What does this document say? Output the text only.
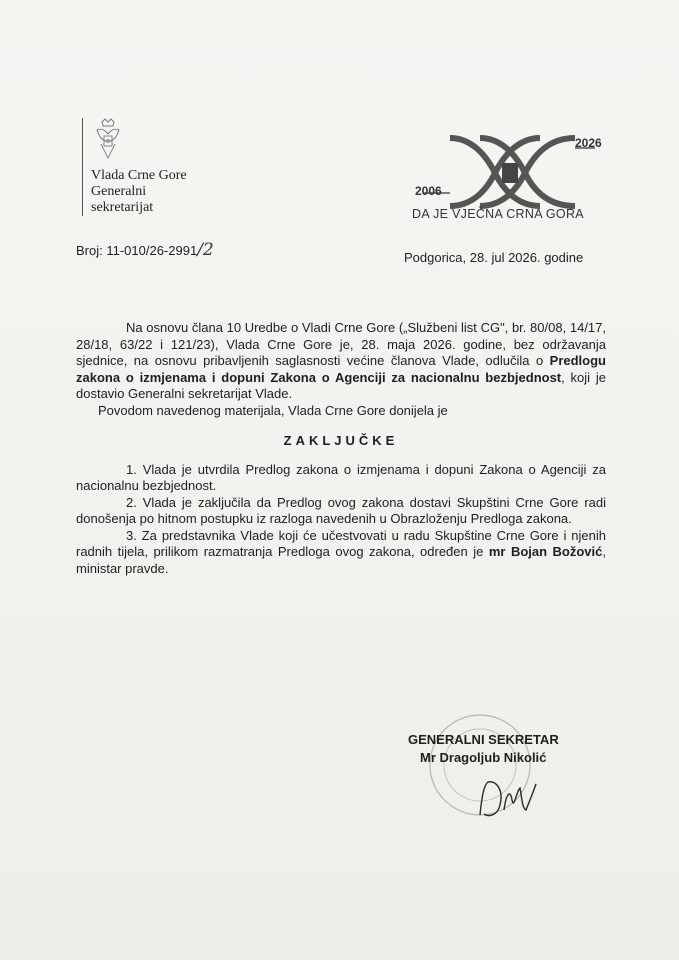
Vlada Crne Gore
Generalni
sekretarijat
2026
2006
DA JE VJEČNA CRNA GORA
Broj: 11-010/26-2991/2	Podgorica, 28. jul 2026. godine

Na osnovu člana 10 Uredbe o Vladi Crne Gore („Službeni list CG", br. 80/08, 14/17, 28/18, 63/22 i 121/23), Vlada Crne Gore je, 28. maja 2026. godine, bez održavanja sjednice, na osnovu pribavljenih saglasnosti većine članova Vlade, odlučila o Predlogu zakona o izmjenama i dopuni Zakona o Agenciji za nacionalnu bezbjednost, koji je dostavio Generalni sekretarijat Vlade.

Povodom navedenog materijala, Vlada Crne Gore donijela je

ZAKLJUČKE

1. Vlada je utvrdila Predlog zakona o izmjenama i dopuni Zakona o Agenciji za nacionalnu bezbjednost.

2. Vlada je zaključila da Predlog ovog zakona dostavi Skupštini Crne Gore radi donošenja po hitnom postupku iz razloga navedenih u Obrazloženju Predloga zakona.

3. Za predstavnika Vlade koji će učestvovati u radu Skupštine Crne Gore i njenih radnih tijela, prilikom razmatranja Predloga ovog zakona, određen je mr Bojan Božović, ministar pravde.

GENERALNI SEKRETAR
Mr Dragoljub Nikolić
